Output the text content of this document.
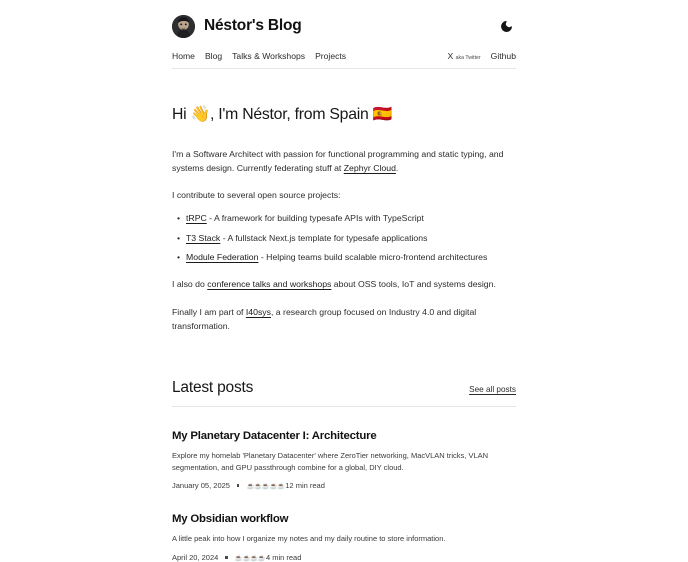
Néstor's Blog
Home Blog Talks & Workshops Projects	X aka Twitter Github
Hi 👋, I'm Néstor, from Spain 🇪🇸

I'm a Software Architect with passion for functional programming and static typing, and systems design. Currently federating stuff at Zephyr Cloud.

I contribute to several open source projects:

• tRPC - A framework for building typesafe APIs with TypeScript
• T3 Stack - A fullstack Next.js template for typesafe applications
• Module Federation - Helping teams build scalable micro-frontend architectures

I also do conference talks and workshops about OSS tools, IoT and systems design.

Finally I am part of I40sys, a research group focused on Industry 4.0 and digital transformation.

Latest posts	See all posts
My Planetary Datacenter I: Architecture

Explore my homelab 'Planetary Datacenter' where ZeroTier networking, MacVLAN tricks, VLAN segmentation, and GPU passthrough combine for a global, DIY cloud.

January 05, 2025	☕☕☕☕☕ 12 min read
My Obsidian workflow

A little peak into how I organize my notes and my daily routine to store information.

April 20, 2024	☕☕☕☕ 4 min read
